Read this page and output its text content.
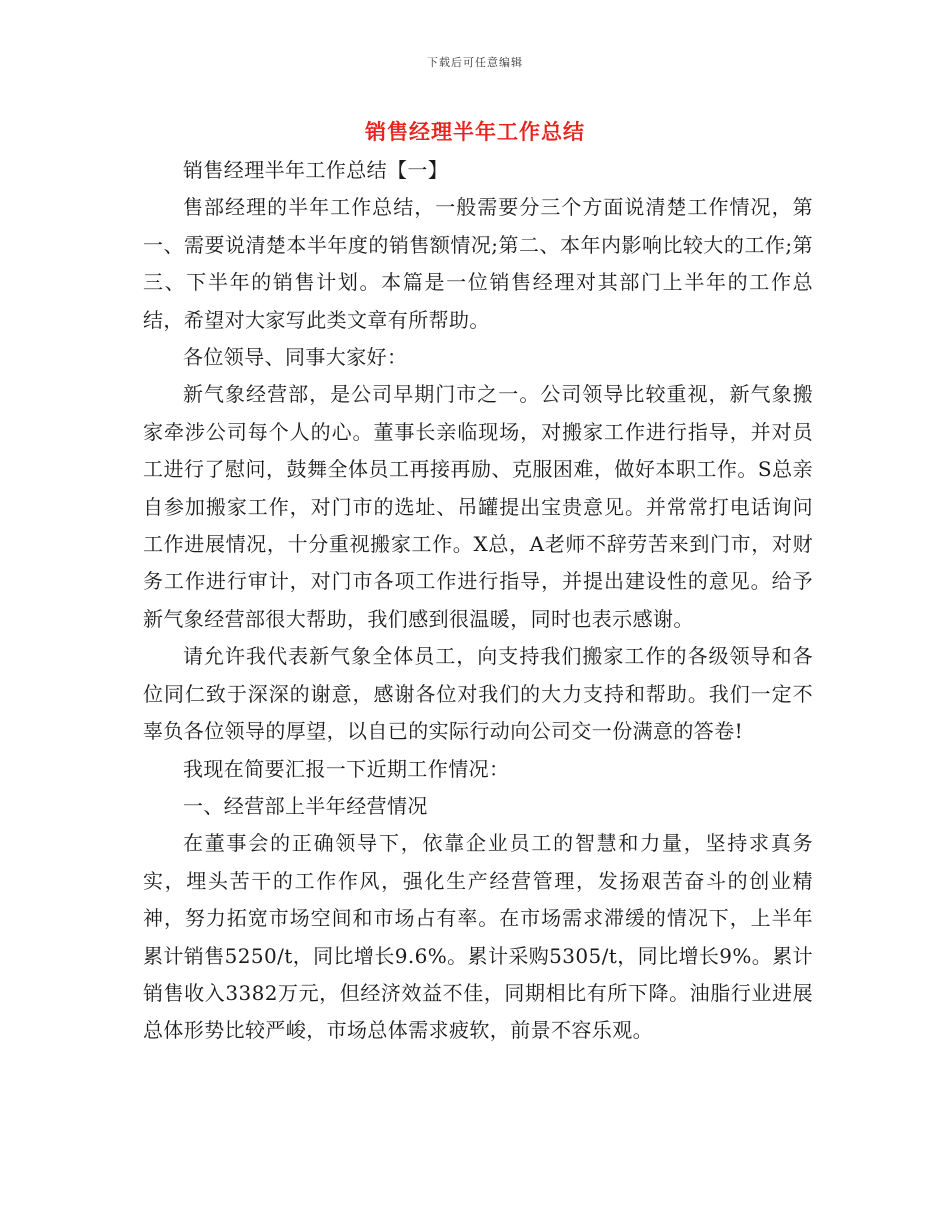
下载后可任意编辑
销售经理半年工作总结

销售经理半年工作总结【一】

售部经理的半年工作总结，一般需要分三个方面说清楚工作情况，第一、需要说清楚本半年度的销售额情况;第二、本年内影响比较大的工作;第三、下半年的销售计划。本篇是一位销售经理对其部门上半年的工作总结，希望对大家写此类文章有所帮助。

各位领导、同事大家好：

新气象经营部，是公司早期门市之一。公司领导比较重视，新气象搬家牵涉公司每个人的心。董事长亲临现场，对搬家工作进行指导，并对员工进行了慰问，鼓舞全体员工再接再励、克服困难，做好本职工作。S总亲自参加搬家工作，对门市的选址、吊罐提出宝贵意见。并常常打电话询问工作进展情况，十分重视搬家工作。X总，A老师不辞劳苦来到门市，对财务工作进行审计，对门市各项工作进行指导，并提出建设性的意见。给予新气象经营部很大帮助，我们感到很温暖，同时也表示感谢。

请允许我代表新气象全体员工，向支持我们搬家工作的各级领导和各位同仁致于深深的谢意，感谢各位对我们的大力支持和帮助。我们一定不辜负各位领导的厚望，以自已的实际行动向公司交一份满意的答卷!

我现在简要汇报一下近期工作情况：

一、经营部上半年经营情况

在董事会的正确领导下，依靠企业员工的智慧和力量，坚持求真务实，埋头苦干的工作作风，强化生产经营管理，发扬艰苦奋斗的创业精神，努力拓宽市场空间和市场占有率。在市场需求滞缓的情况下，上半年累计销售5250/t，同比增长9.6%。累计采购5305/t，同比增长9%。累计销售收入3382万元，但经济效益不佳，同期相比有所下降。油脂行业进展总体形势比较严峻，市场总体需求疲软，前景不容乐观。
